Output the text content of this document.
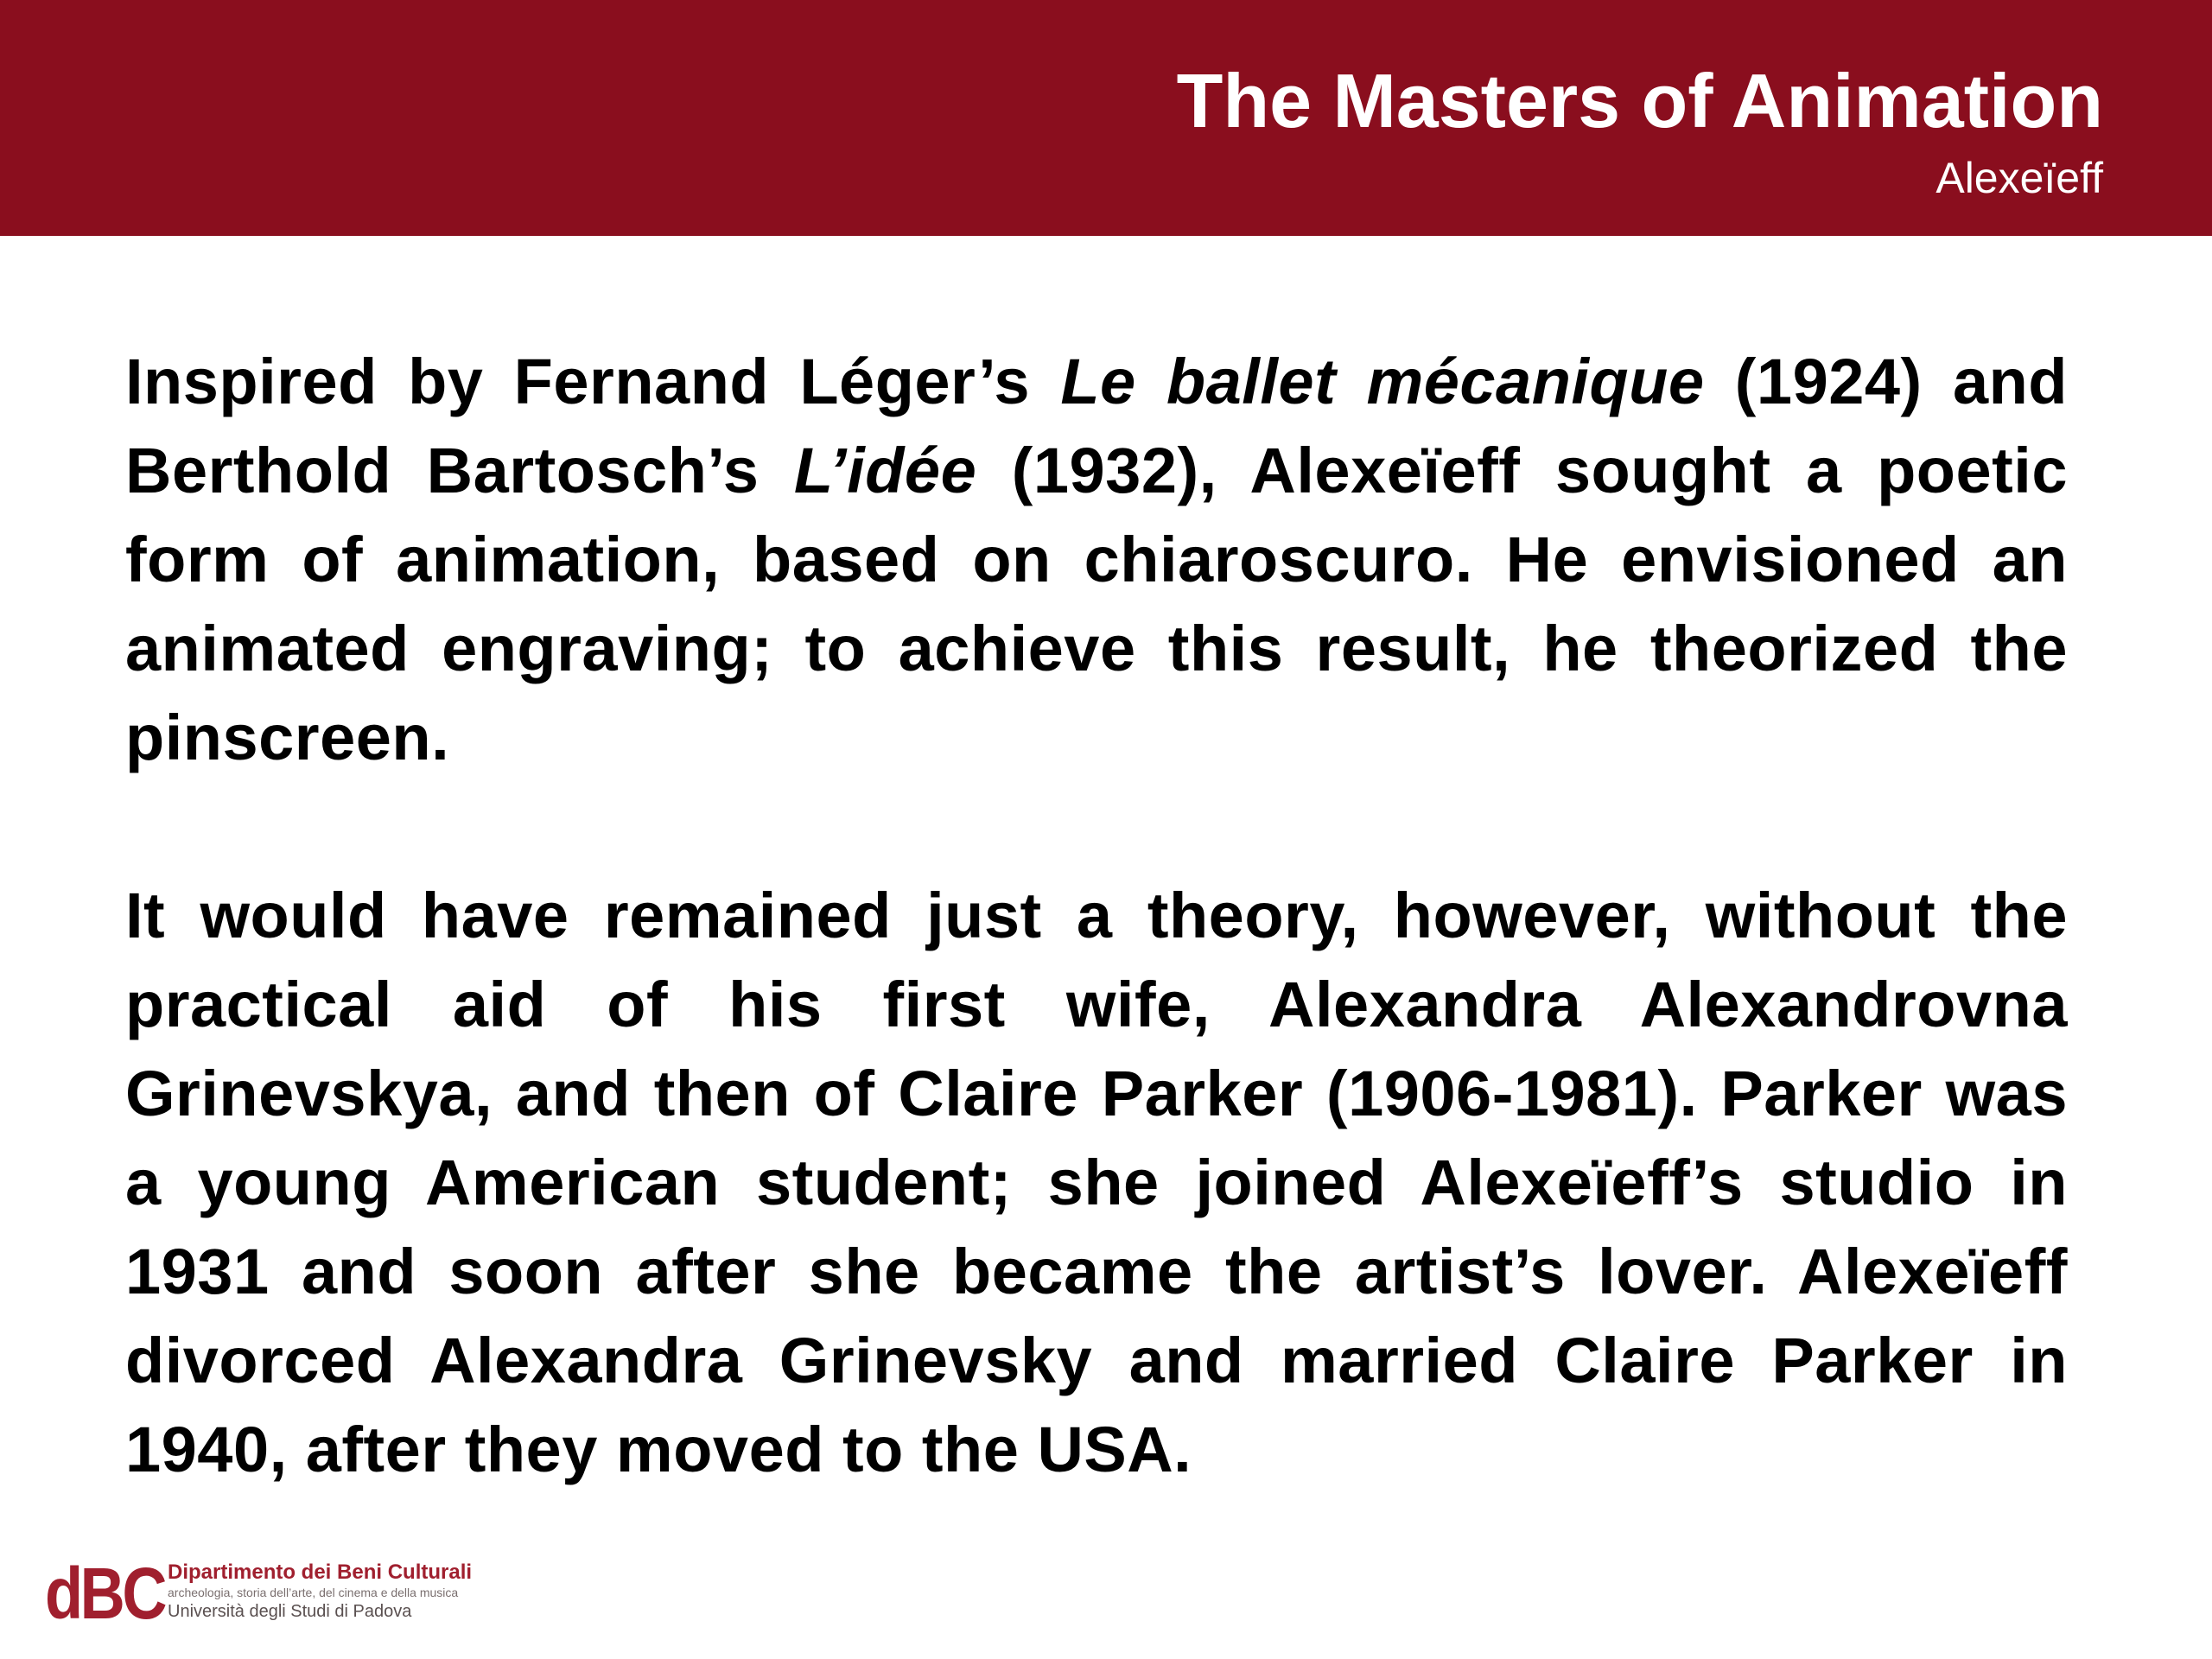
The Masters of Animation
Alexeïeff

Inspired by Fernand Léger’s Le ballet mécanique (1924) and Berthold Bartosch’s L’idée (1932), Alexeïeff sought a poetic form of animation, based on chiaroscuro. He envisioned an animated engraving; to achieve this result, he theorized the pinscreen.

It would have remained just a theory, however, without the practical aid of his first wife, Alexandra Alexandrovna Grinevskya, and then of Claire Parker (1906-1981). Parker was a young American student; she joined Alexeïeff’s studio in 1931 and soon after she became the artist’s lover. Alexeïeff divorced Alexandra Grinevsky and married Claire Parker in 1940, after they moved to the USA.

dBC Dipartimento dei Beni Culturali
archeologia, storia dell’arte, del cinema e della musica
Università degli Studi di Padova
